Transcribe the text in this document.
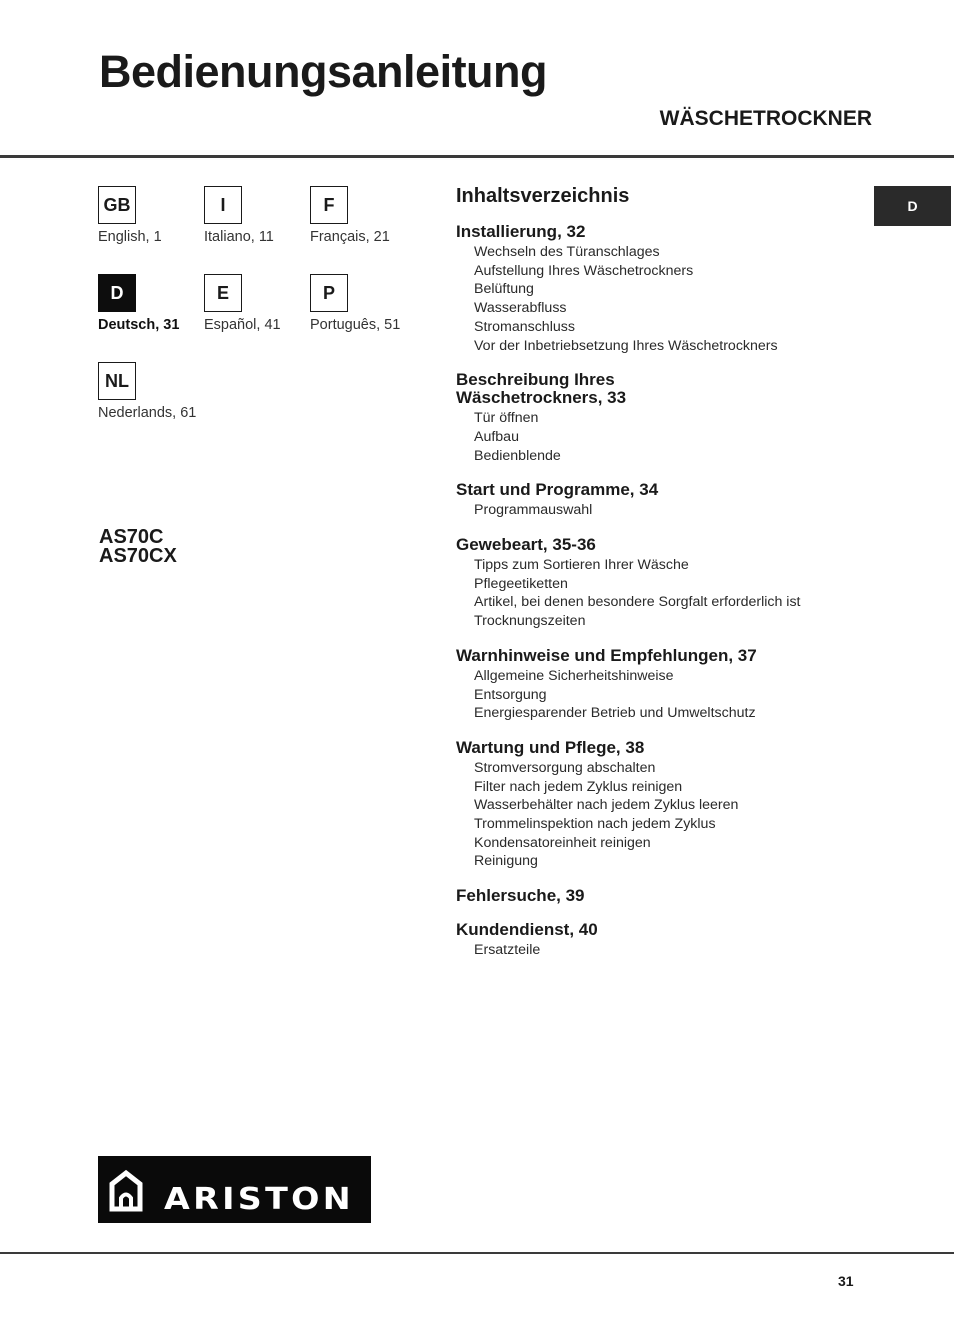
Bedienungsanleitung
WÄSCHETROCKNER
GB
English, 1
I
Italiano, 11
F
Français, 21
D
Deutsch, 31
E
Español, 41
P
Português, 51
NL
Nederlands, 61
AS70C
AS70CX
Inhaltsverzeichnis
Installierung, 32
Wechseln des Türanschlages
Aufstellung Ihres Wäschetrockners
Belüftung
Wasserabfluss
Stromanschluss
Vor der Inbetriebsetzung Ihres Wäschetrockners
Beschreibung Ihres
Wäschetrockners, 33
Tür öffnen
Aufbau
Bedienblende
Start und Programme, 34
Programmauswahl
Gewebeart, 35-36
Tipps zum Sortieren Ihrer Wäsche
Pflegeetiketten
Artikel, bei denen besondere Sorgfalt erforderlich ist
Trocknungszeiten
Warnhinweise und Empfehlungen, 37
Allgemeine Sicherheitshinweise
Entsorgung
Energiesparender Betrieb und Umweltschutz
Wartung und Pflege, 38
Stromversorgung abschalten
Filter nach jedem Zyklus reinigen
Wasserbehälter nach jedem Zyklus leeren
Trommelinspektion nach jedem Zyklus
Kondensatoreinheit reinigen
Reinigung
Fehlersuche, 39
Kundendienst, 40
Ersatzteile
D
ARISTON
31
